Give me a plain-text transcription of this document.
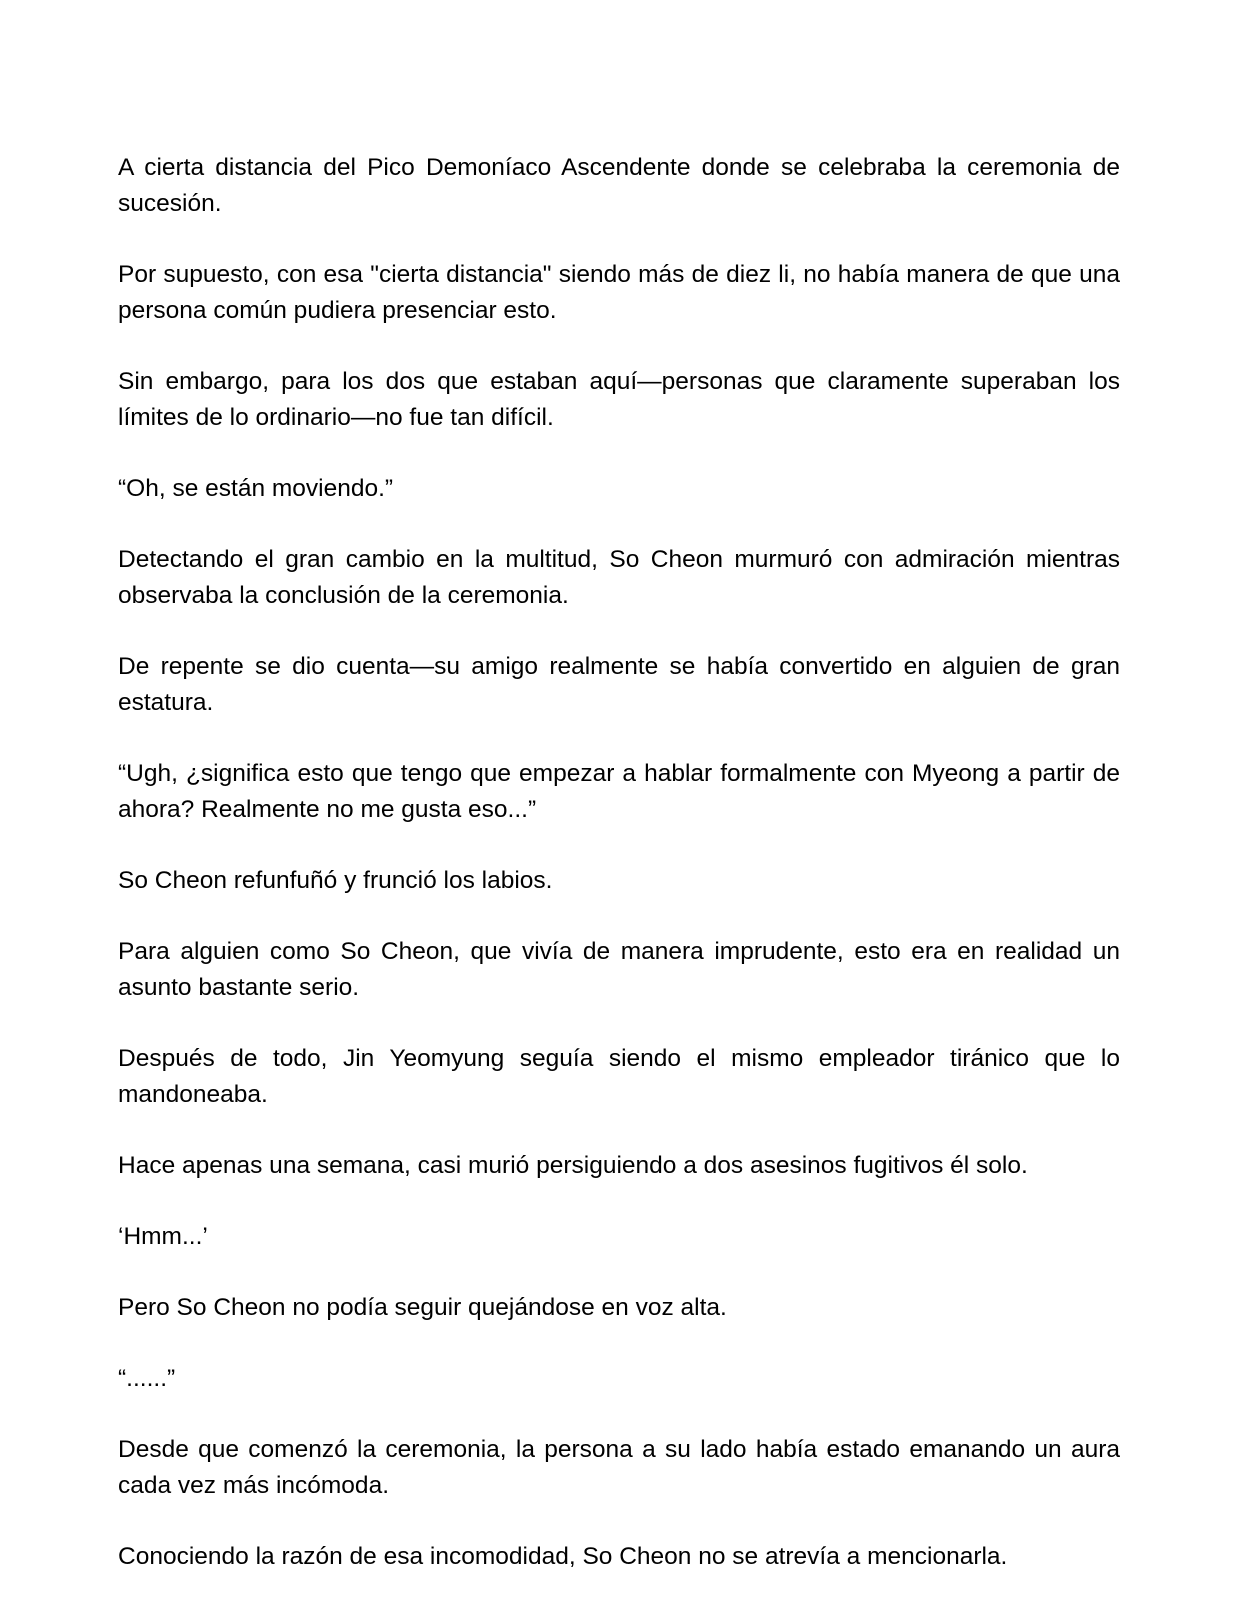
A cierta distancia del Pico Demoníaco Ascendente donde se celebraba la ceremonia de sucesión.

Por supuesto, con esa "cierta distancia" siendo más de diez li, no había manera de que una persona común pudiera presenciar esto.

Sin embargo, para los dos que estaban aquí—personas que claramente superaban los límites de lo ordinario—no fue tan difícil.

“Oh, se están moviendo.”

Detectando el gran cambio en la multitud, So Cheon murmuró con admiración mientras observaba la conclusión de la ceremonia.

De repente se dio cuenta—su amigo realmente se había convertido en alguien de gran estatura.

“Ugh, ¿significa esto que tengo que empezar a hablar formalmente con Myeong a partir de ahora? Realmente no me gusta eso...”

So Cheon refunfuñó y frunció los labios.

Para alguien como So Cheon, que vivía de manera imprudente, esto era en realidad un asunto bastante serio.

Después de todo, Jin Yeomyung seguía siendo el mismo empleador tiránico que lo mandoneaba.

Hace apenas una semana, casi murió persiguiendo a dos asesinos fugitivos él solo.

‘Hmm...’

Pero So Cheon no podía seguir quejándose en voz alta.

“......”

Desde que comenzó la ceremonia, la persona a su lado había estado emanando un aura cada vez más incómoda.

Conociendo la razón de esa incomodidad, So Cheon no se atrevía a mencionarla.
